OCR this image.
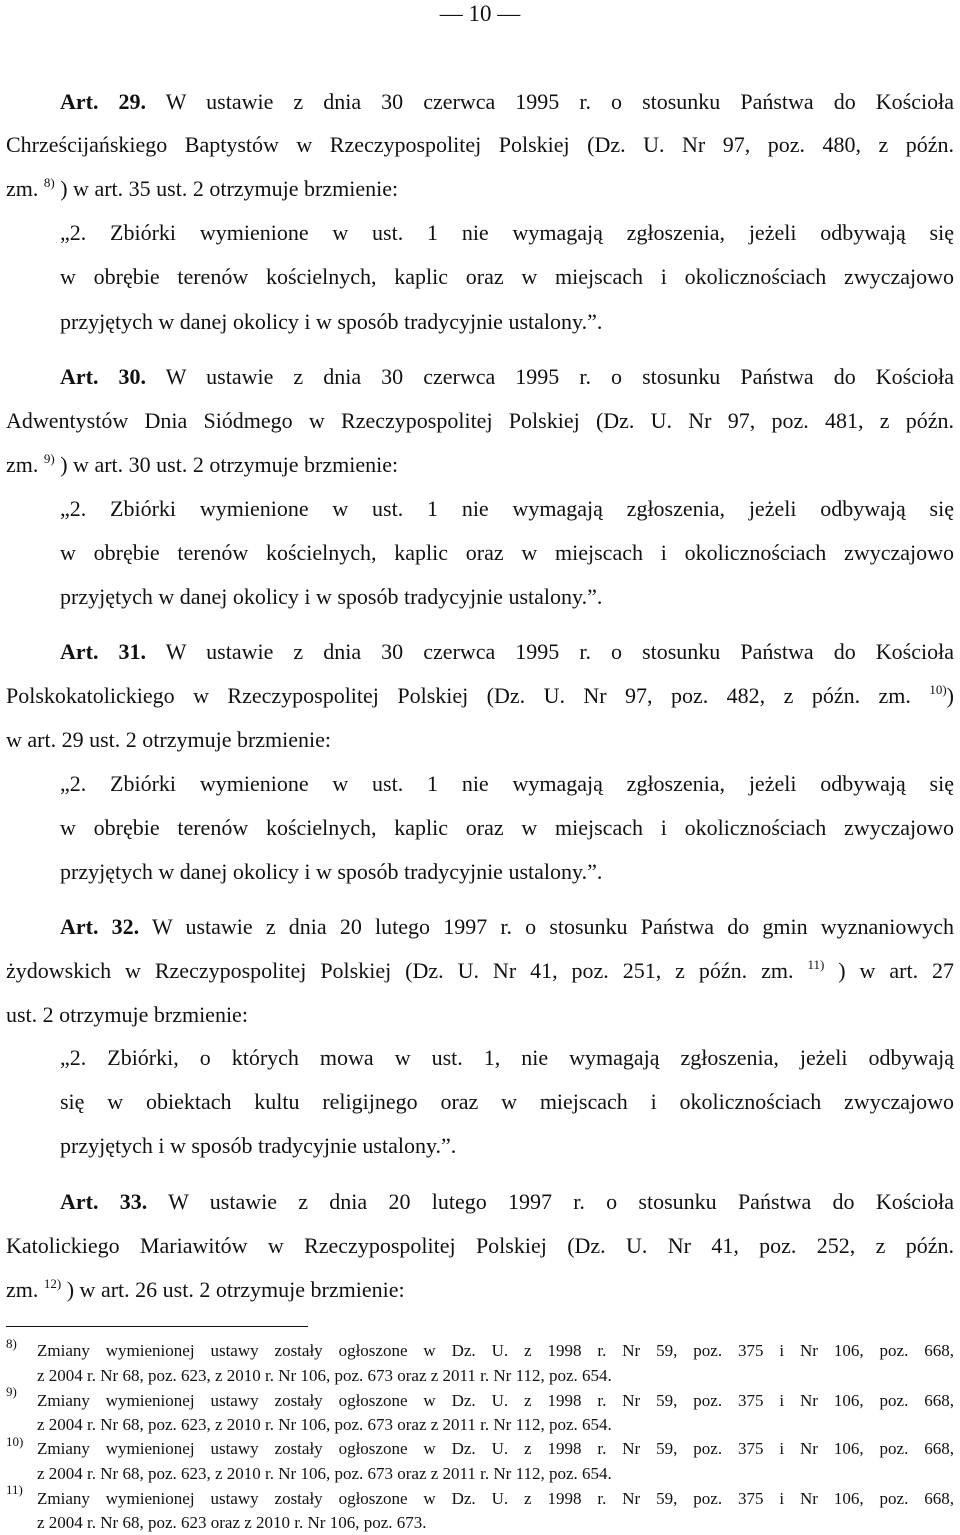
— 10 —
Art. 29. W ustawie z dnia 30 czerwca 1995 r. o stosunku Państwa do Kościoła
Chrześcijańskiego Baptystów w Rzeczypospolitej Polskiej (Dz. U. Nr 97, poz. 480, z późn.
zm. $^{8)}$ ) w art. 35 ust. 2 otrzymuje brzmienie:
„2. Zbiórki wymienione w ust. 1 nie wymagają zgłoszenia, jeżeli odbywają się
w obrębie terenów kościelnych, kaplic oraz w miejscach i okolicznościach zwyczajowo
przyjętych w danej okolicy i w sposób tradycyjnie ustalony.”.
Art. 30. W ustawie z dnia 30 czerwca 1995 r. o stosunku Państwa do Kościoła
Adwentystów Dnia Siódmego w Rzeczypospolitej Polskiej (Dz. U. Nr 97, poz. 481, z późn.
zm. $^{9)}$ ) w art. 30 ust. 2 otrzymuje brzmienie:
„2. Zbiórki wymienione w ust. 1 nie wymagają zgłoszenia, jeżeli odbywają się
w obrębie terenów kościelnych, kaplic oraz w miejscach i okolicznościach zwyczajowo
przyjętych w danej okolicy i w sposób tradycyjnie ustalony.”.
Art. 31. W ustawie z dnia 30 czerwca 1995 r. o stosunku Państwa do Kościoła
Polskokatolickiego w Rzeczypospolitej Polskiej (Dz. U. Nr 97, poz. 482, z późn. zm. $^{10)}$)
w art. 29 ust. 2 otrzymuje brzmienie:
„2. Zbiórki wymienione w ust. 1 nie wymagają zgłoszenia, jeżeli odbywają się
w obrębie terenów kościelnych, kaplic oraz w miejscach i okolicznościach zwyczajowo
przyjętych w danej okolicy i w sposób tradycyjnie ustalony.”.
Art. 32. W ustawie z dnia 20 lutego 1997 r. o stosunku Państwa do gmin wyznaniowych
żydowskich w Rzeczypospolitej Polskiej (Dz. U. Nr 41, poz. 251, z późn. zm. $^{11)}$ ) w art. 27
ust. 2 otrzymuje brzmienie:
„2. Zbiórki, o których mowa w ust. 1, nie wymagają zgłoszenia, jeżeli odbywają
się w obiektach kultu religijnego oraz w miejscach i okolicznościach zwyczajowo
przyjętych i w sposób tradycyjnie ustalony.”.
Art. 33. W ustawie z dnia 20 lutego 1997 r. o stosunku Państwa do Kościoła
Katolickiego Mariawitów w Rzeczypospolitej Polskiej (Dz. U. Nr 41, poz. 252, z późn.
zm. $^{12)}$ ) w art. 26 ust. 2 otrzymuje brzmienie:
8) Zmiany wymienionej ustawy zostały ogłoszone w Dz. U. z 1998 r. Nr 59, poz. 375 i Nr 106, poz. 668,
z 2004 r. Nr 68, poz. 623, z 2010 r. Nr 106, poz. 673 oraz z 2011 r. Nr 112, poz. 654.
9) Zmiany wymienionej ustawy zostały ogłoszone w Dz. U. z 1998 r. Nr 59, poz. 375 i Nr 106, poz. 668,
z 2004 r. Nr 68, poz. 623, z 2010 r. Nr 106, poz. 673 oraz z 2011 r. Nr 112, poz. 654.
10) Zmiany wymienionej ustawy zostały ogłoszone w Dz. U. z 1998 r. Nr 59, poz. 375 i Nr 106, poz. 668,
z 2004 r. Nr 68, poz. 623, z 2010 r. Nr 106, poz. 673 oraz z 2011 r. Nr 112, poz. 654.
11) Zmiany wymienionej ustawy zostały ogłoszone w Dz. U. z 1998 r. Nr 59, poz. 375 i Nr 106, poz. 668,
z 2004 r. Nr 68, poz. 623 oraz z 2010 r. Nr 106, poz. 673.
